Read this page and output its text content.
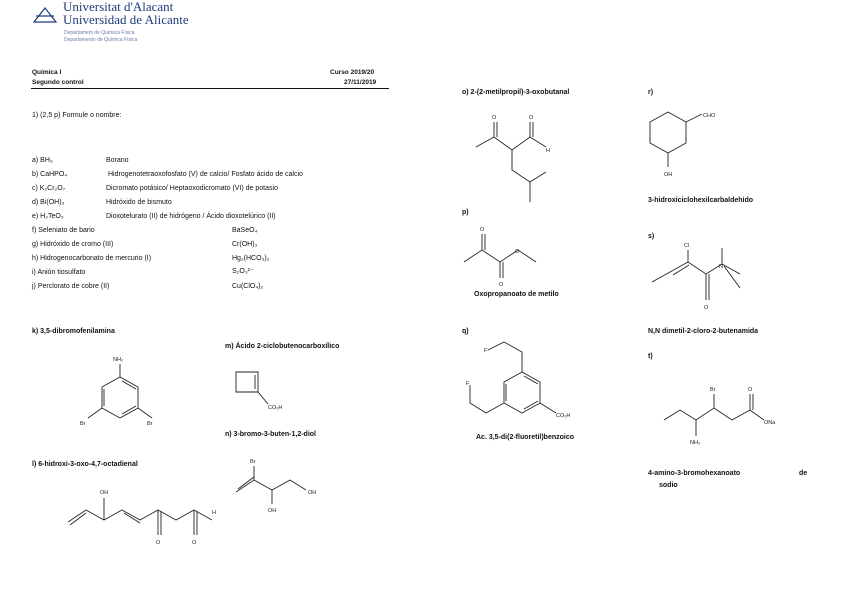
Universitat d'Alacant
Universidad de Alicante
Departament de Química Física
Departamento de Química Física
Química I
Segundo control
Curso 2019/20
27/11/2019
1) (2,5 p) Formule o nombre:
a) BH₃	Borano
b) CaHPO₄	Hidrogenotetraoxofosfato (V) de calcio/ Fosfato ácido de calcio
c) K₂Cr₂O₇	Dicromato potásico/ Heptaoxodicromato (VI) de potasio
d) Bi(OH)₃	Hidróxido de bismuto
e) H₂TeO₃	Dioxotelurato (II) de hidrógeno / Ácido dioxotelúrico (II)
f) Seleniato de bario	BaSeO₄
g) Hidróxido de cromo (III)	Cr(OH)₃
h) Hidrogenocarbonato de mercurio (I)	Hg₂(HCO₃)₂
i) Anión tiosulfato	S₂O₃²⁻
j) Perclorato de cobre (II)	Cu(ClO₄)₂
k) 3,5-dibromofenilamina
m) Ácido 2-ciclobutenocarboxílico
n) 3-bromo-3-buten-1,2-diol
l) 6-hidroxi-3-oxo-4,7-octadienal
o) 2-(2-metilpropil)-3-oxobutanal
p)
Oxopropanoato de metilo
q)
Ac. 3,5-di(2-fluoretil)benzoico
r)
3-hidroxiciclohexilcarbaldehido
s)
N,N dimetil-2-cloro-2-butenamida
t)
4-amino-3-bromohexanoato	de
sodio
NH₂
Br	Br
CO₂H
Br
OH
OH
OH
O	O
H
O	O
H
O
O
O
F
F
CO₂H
CHO
OH
Cl
O
N
NH₂
Br	O
ONa
